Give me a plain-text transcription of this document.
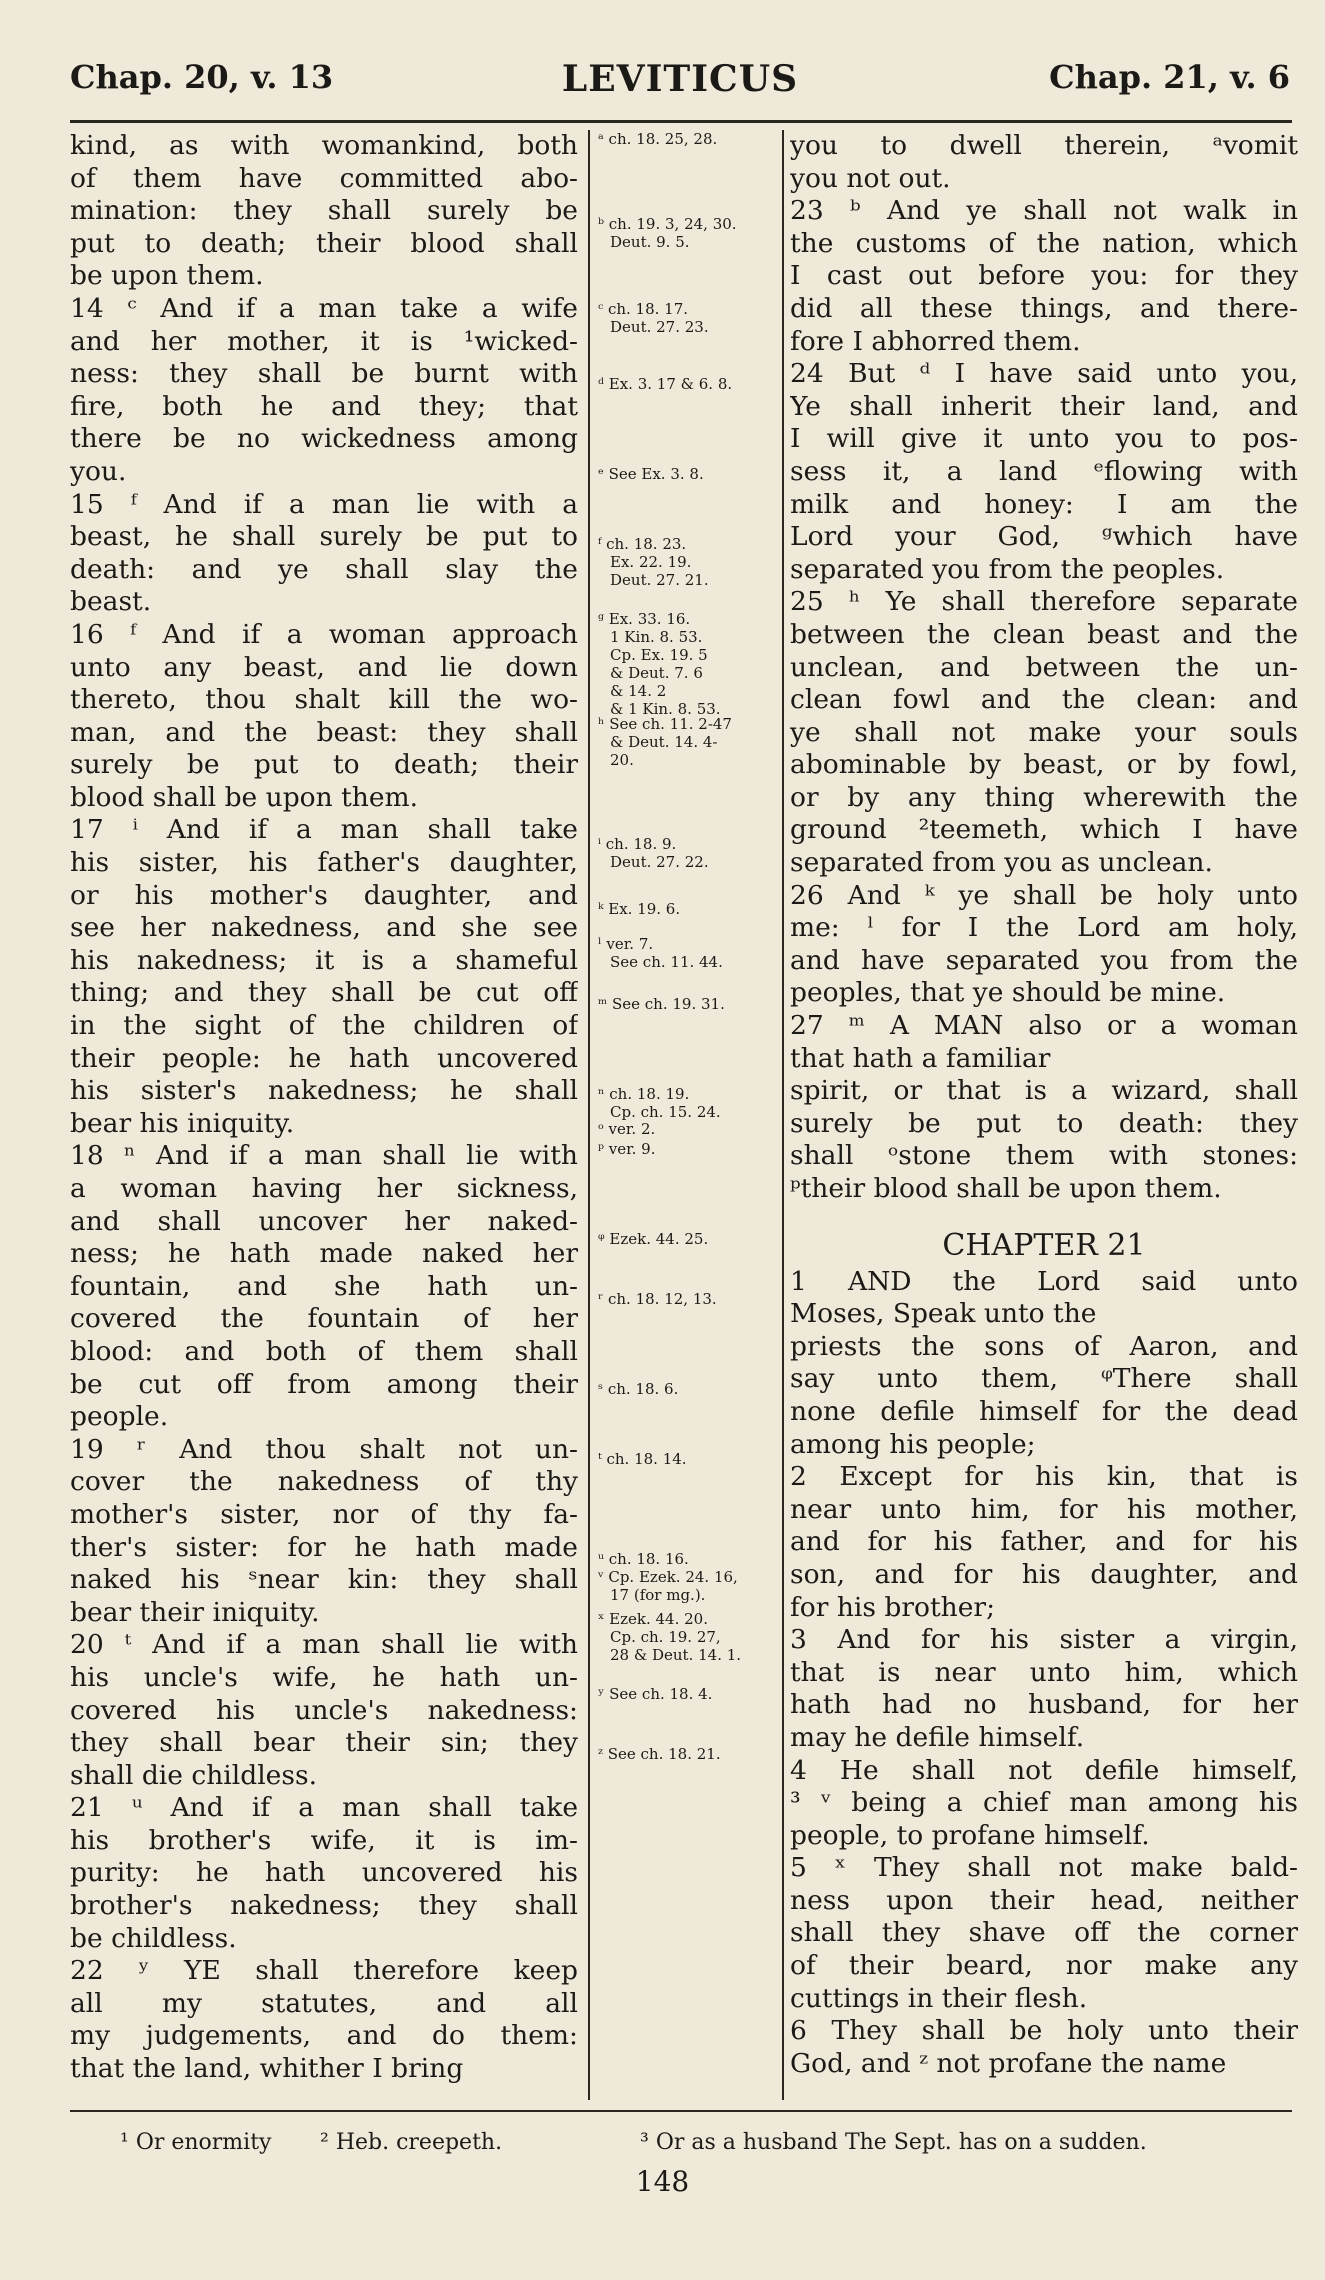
Chap. 20, v. 13	LEVITICUS	Chap. 21, v. 6
kind, as with womankind, both
of them have committed abo-
mination: they shall surely be
put to death; their blood shall
be upon them.
14 ᶜ And if a man take a wife
and her mother, it is ¹wicked-
ness: they shall be burnt with
fire, both he and they; that
there be no wickedness among
you.
15 ᶠ And if a man lie with a
beast, he shall surely be put to
death: and ye shall slay the
beast.
16 ᶠ And if a woman approach
unto any beast, and lie down
thereto, thou shalt kill the wo-
man, and the beast: they shall
surely be put to death; their
blood shall be upon them.
17 ⁱ And if a man shall take
his sister, his father's daughter,
or his mother's daughter, and
see her nakedness, and she see
his nakedness; it is a shameful
thing; and they shall be cut off
in the sight of the children of
their people: he hath uncovered
his sister's nakedness; he shall
bear his iniquity.
18 ⁿ And if a man shall lie with
a woman having her sickness,
and shall uncover her naked-
ness; he hath made naked her
fountain, and she hath un-
covered the fountain of her
blood: and both of them shall
be cut off from among their
people.
19 ʳ And thou shalt not un-
cover the nakedness of thy
mother's sister, nor of thy fa-
ther's sister: for he hath made
naked his ˢnear kin: they shall
bear their iniquity.
20 ᵗ And if a man shall lie with
his uncle's wife, he hath un-
covered his uncle's nakedness:
they shall bear their sin; they
shall die childless.
21 ᵘ And if a man shall take
his brother's wife, it is im-
purity: he hath uncovered his
brother's nakedness; they shall
be childless.
22 ʸ YE shall therefore keep
all my statutes, and all
my judgements, and do them:
that the land, whither I bring
ᵃ ch. 18. 25, 28.
ᵇ ch. 19. 3, 24, 30.
Deut. 9. 5.
ᶜ ch. 18. 17.
Deut. 27. 23.
ᵈ Ex. 3. 17 & 6. 8.
ᵉ See Ex. 3. 8.
ᶠ ch. 18. 23.
Ex. 22. 19.
Deut. 27. 21.
ᵍ Ex. 33. 16.
1 Kin. 8. 53.
Cp. Ex. 19. 5
& Deut. 7. 6
& 14. 2
& 1 Kin. 8. 53.
ʰ See ch. 11. 2-47
& Deut. 14. 4-
20.
ⁱ ch. 18. 9.
Deut. 27. 22.
ᵏ Ex. 19. 6.
ˡ ver. 7.
See ch. 11. 44.
ᵐ See ch. 19. 31.
ⁿ ch. 18. 19.
Cp. ch. 15. 24.
ᵒ ver. 2.
ᵖ ver. 9.
ᵠ Ezek. 44. 25.
ʳ ch. 18. 12, 13.
ˢ ch. 18. 6.
ᵗ ch. 18. 14.
ᵘ ch. 18. 16.
ᵛ Cp. Ezek. 24. 16,
17 (for mg.).
ˣ Ezek. 44. 20.
Cp. ch. 19. 27,
28 & Deut. 14. 1.
ʸ See ch. 18. 4.
ᶻ See ch. 18. 21.
you to dwell therein, ᵃvomit
you not out.
23 ᵇ And ye shall not walk in
the customs of the nation, which
I cast out before you: for they
did all these things, and there-
fore I abhorred them.
24 But ᵈ I have said unto you,
Ye shall inherit their land, and
I will give it unto you to pos-
sess it, a land ᵉflowing with
milk and honey: I am the
Lord your God, ᵍwhich have
separated you from the peoples.
25 ʰ Ye shall therefore separate
between the clean beast and the
unclean, and between the un-
clean fowl and the clean: and
ye shall not make your souls
abominable by beast, or by fowl,
or by any thing wherewith the
ground ²teemeth, which I have
separated from you as unclean.
26 And ᵏ ye shall be holy unto
me: ˡ for I the Lord am holy,
and have separated you from the
peoples, that ye should be mine.
27 ᵐ A MAN also or a woman
that hath a familiar
spirit, or that is a wizard, shall
surely be put to death: they
shall ᵒstone them with stones:
ᵖtheir blood shall be upon them.
CHAPTER 21
1 AND the Lord said unto
Moses, Speak unto the
priests the sons of Aaron, and
say unto them, ᵠThere shall
none defile himself for the dead
among his people;
2 Except for his kin, that is
near unto him, for his mother,
and for his father, and for his
son, and for his daughter, and
for his brother;
3 And for his sister a virgin,
that is near unto him, which
hath had no husband, for her
may he defile himself.
4 He shall not defile himself,
³ ᵛ being a chief man among his
people, to profane himself.
5 ˣ They shall not make bald-
ness upon their head, neither
shall they shave off the corner
of their beard, nor make any
cuttings in their flesh.
6 They shall be holy unto their
God, and ᶻ not profane the name
¹ Or enormity ² Heb. creepeth.	³ Or as a husband The Sept. has on a sudden.
148
